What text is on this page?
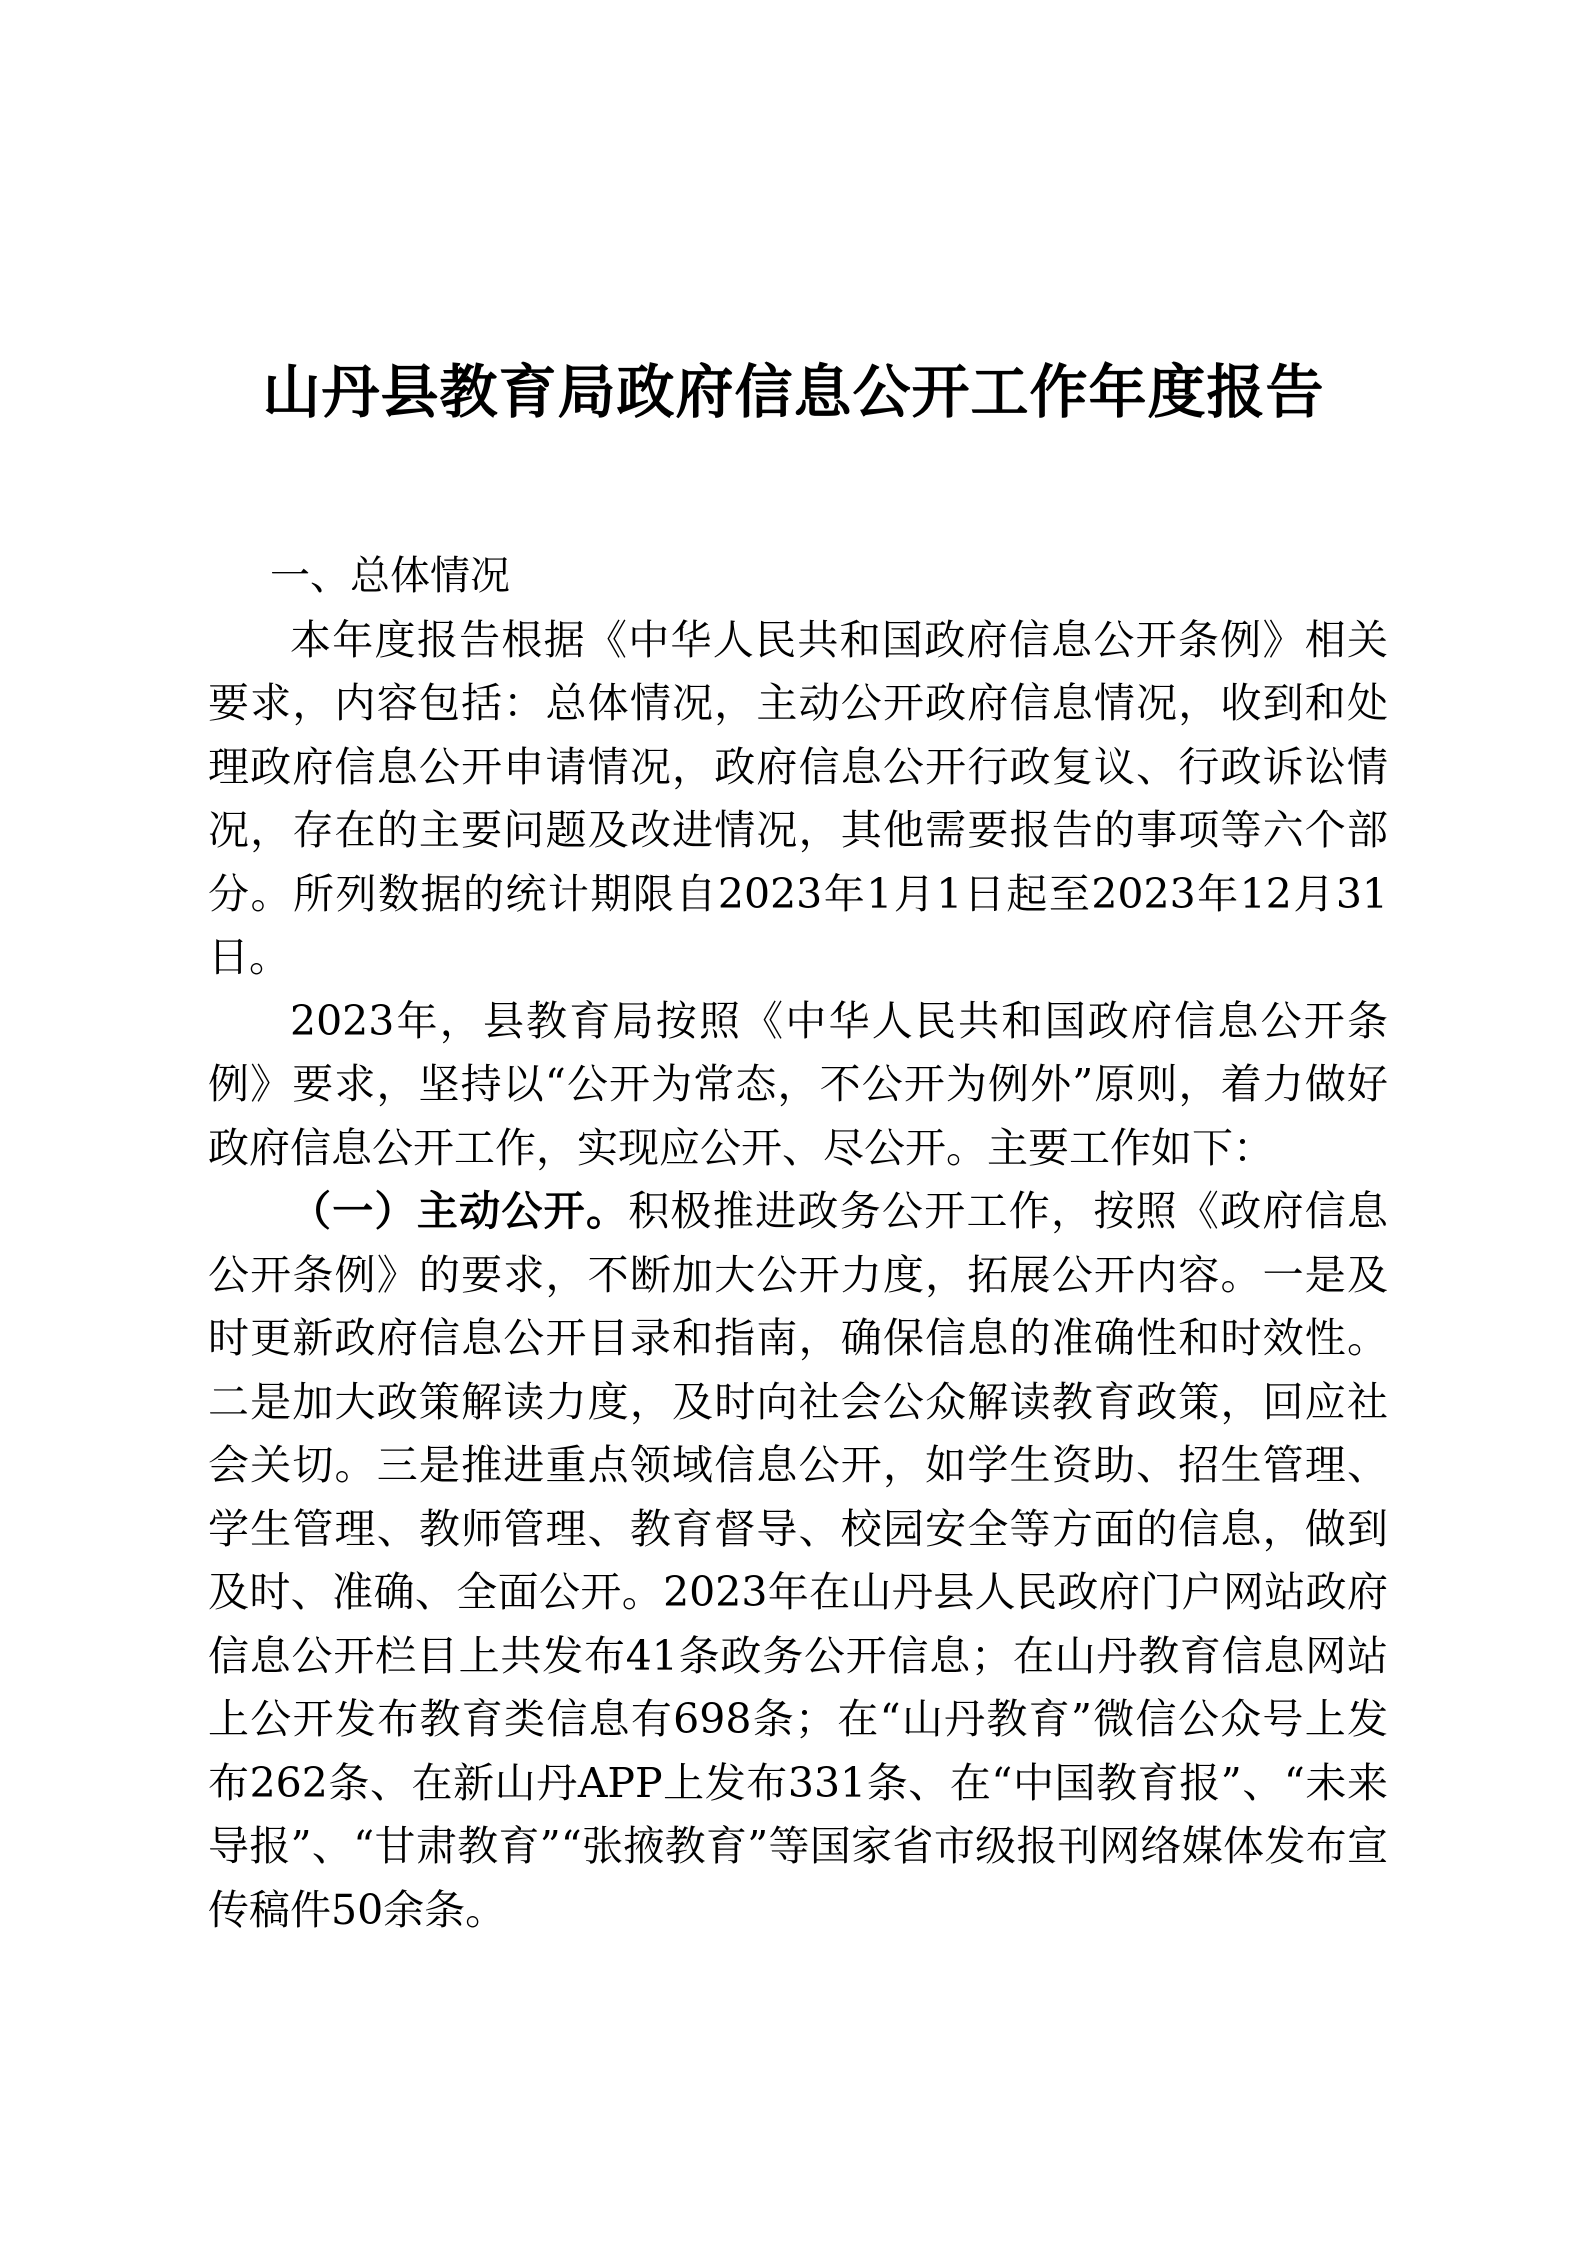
山丹县教育局政府信息公开工作年度报告
一、总体情况

本年度报告根据《中华人民共和国政府信息公开条例》相关要求，内容包括：总体情况，主动公开政府信息情况，收到和处理政府信息公开申请情况，政府信息公开行政复议、行政诉讼情况，存在的主要问题及改进情况，其他需要报告的事项等六个部分。所列数据的统计期限自2023年1月1日起至2023年12月31日。

2023年，县教育局按照《中华人民共和国政府信息公开条例》要求，坚持以“公开为常态，不公开为例外”原则，着力做好政府信息公开工作，实现应公开、尽公开。主要工作如下：

（一）主动公开。积极推进政务公开工作，按照《政府信息公开条例》的要求，不断加大公开力度，拓展公开内容。一是及时更新政府信息公开目录和指南，确保信息的准确性和时效性。二是加大政策解读力度，及时向社会公众解读教育政策，回应社会关切。三是推进重点领域信息公开，如学生资助、招生管理、学生管理、教师管理、教育督导、校园安全等方面的信息，做到及时、准确、全面公开。2023年在山丹县人民政府门户网站政府信息公开栏目上共发布41条政务公开信息；在山丹教育信息网站上公开发布教育类信息有698条；在“山丹教育”微信公众号上发布262条、在新山丹APP上发布331条、在“中国教育报”、“未来导报”、“甘肃教育”“张掖教育”等国家省市级报刊网络媒体发布宣传稿件50余条。
